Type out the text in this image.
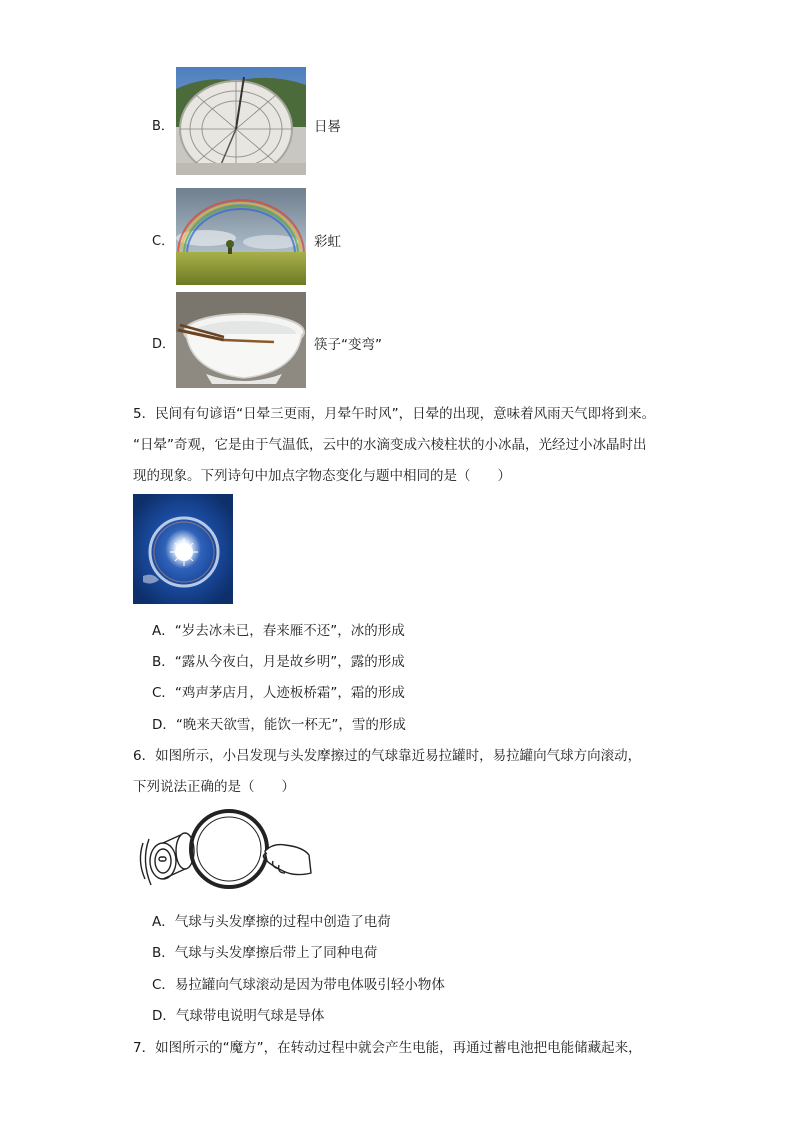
B．	日晷
C．	彩虹
D．	筷子“变弯”
5．民间有句谚语“日晕三更雨，月晕午时风”，日晕的出现，意味着风雨天气即将到来。
“日晕”奇观，它是由于气温低，云中的水滴变成六棱柱状的小冰晶，光经过小冰晶时出
现的现象。下列诗句中加点字物态变化与题中相同的是（　　）
A．“岁去冰未已，春来雁不还”，冰的形成
B．“露从今夜白，月是故乡明”，露的形成
C．“鸡声茅店月，人迹板桥霜”，霜的形成
D．“晚来天欲雪，能饮一杯无”，雪的形成
6．如图所示，小吕发现与头发摩擦过的气球靠近易拉罐时，易拉罐向气球方向滚动，
下列说法正确的是（　　）
A．气球与头发摩擦的过程中创造了电荷
B．气球与头发摩擦后带上了同种电荷
C．易拉罐向气球滚动是因为带电体吸引轻小物体
D．气球带电说明气球是导体
7．如图所示的“魔方”，在转动过程中就会产生电能，再通过蓄电池把电能储藏起来，
